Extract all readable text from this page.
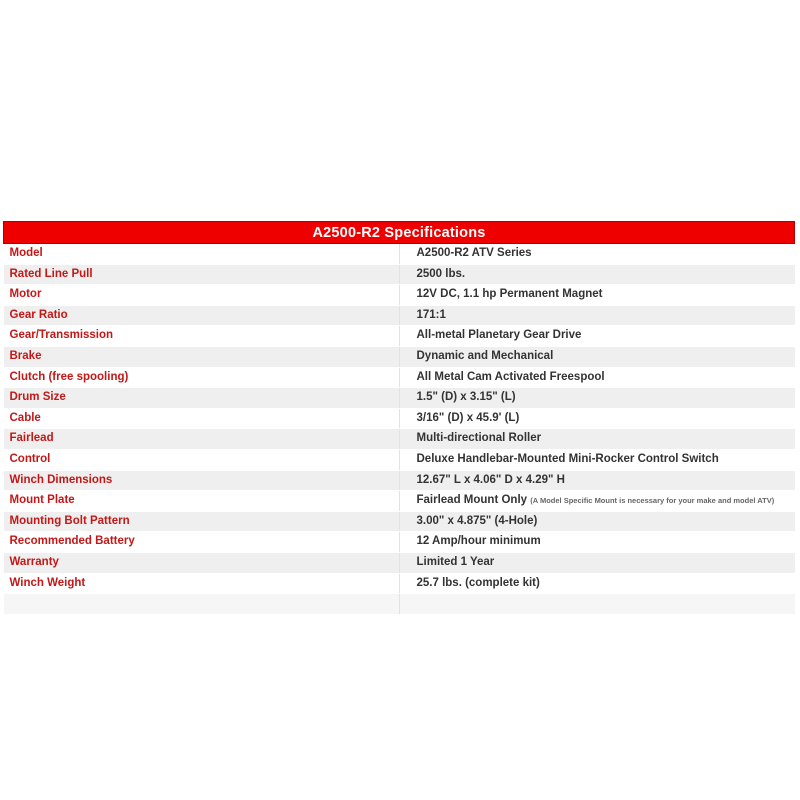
A2500-R2 Specifications	
Model	A2500-R2 ATV Series
Rated Line Pull	2500 lbs.
Motor	12V DC, 1.1 hp Permanent Magnet
Gear Ratio	171:1
Gear/Transmission	All-metal Planetary Gear Drive
Brake	Dynamic and Mechanical
Clutch (free spooling)	All Metal Cam Activated Freespool
Drum Size	1.5" (D) x 3.15" (L)
Cable	3/16" (D) x 45.9' (L)
Fairlead	Multi-directional Roller
Control	Deluxe Handlebar-Mounted Mini-Rocker Control Switch
Winch Dimensions	12.67" L x 4.06" D x 4.29" H
Mount Plate	Fairlead Mount Only (A Model Specific Mount is necessary for your make and model ATV)
Mounting Bolt Pattern	3.00" x 4.875" (4-Hole)
Recommended Battery	12 Amp/hour minimum
Warranty	Limited 1 Year
Winch Weight	25.7 lbs. (complete kit)
